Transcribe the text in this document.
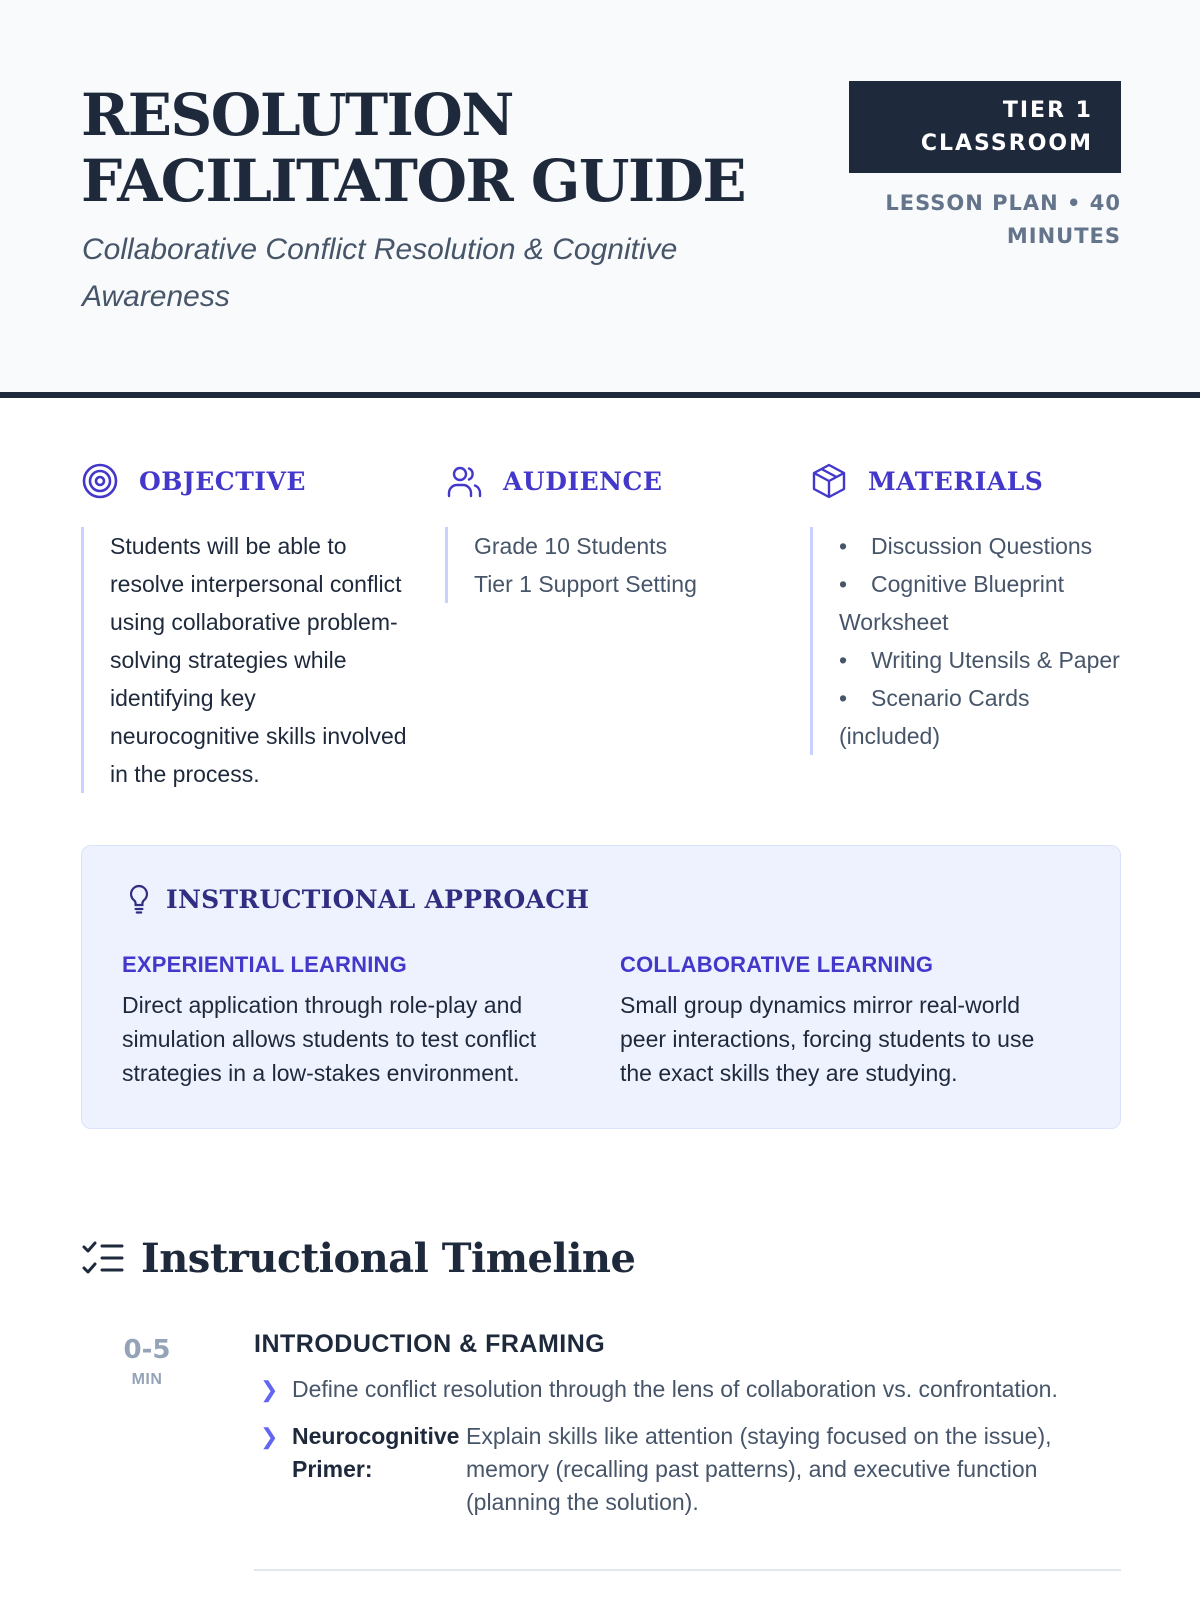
RESOLUTION FACILITATOR GUIDE
Collaborative Conflict Resolution & Cognitive Awareness
TIER 1 CLASSROOM
LESSON PLAN • 40 MINUTES
OBJECTIVE
Students will be able to resolve interpersonal conflict using collaborative problem-solving strategies while identifying key neurocognitive skills involved in the process.
AUDIENCE
Grade 10 Students
Tier 1 Support Setting
MATERIALS
• Discussion Questions
• Cognitive Blueprint Worksheet
• Writing Utensils & Paper
• Scenario Cards (included)
INSTRUCTIONAL APPROACH
EXPERIENTIAL LEARNING

Direct application through role-play and simulation allows students to test conflict strategies in a low-stakes environment.

COLLABORATIVE LEARNING

Small group dynamics mirror real-world peer interactions, forcing students to use the exact skills they are studying.

Instructional Timeline
0-5
MIN
INTRODUCTION & FRAMING
❯ Define conflict resolution through the lens of collaboration vs. confrontation.
❯ Neurocognitive Primer:
Explain skills like attention (staying focused on the issue), memory (recalling past patterns), and executive function (planning the solution).
